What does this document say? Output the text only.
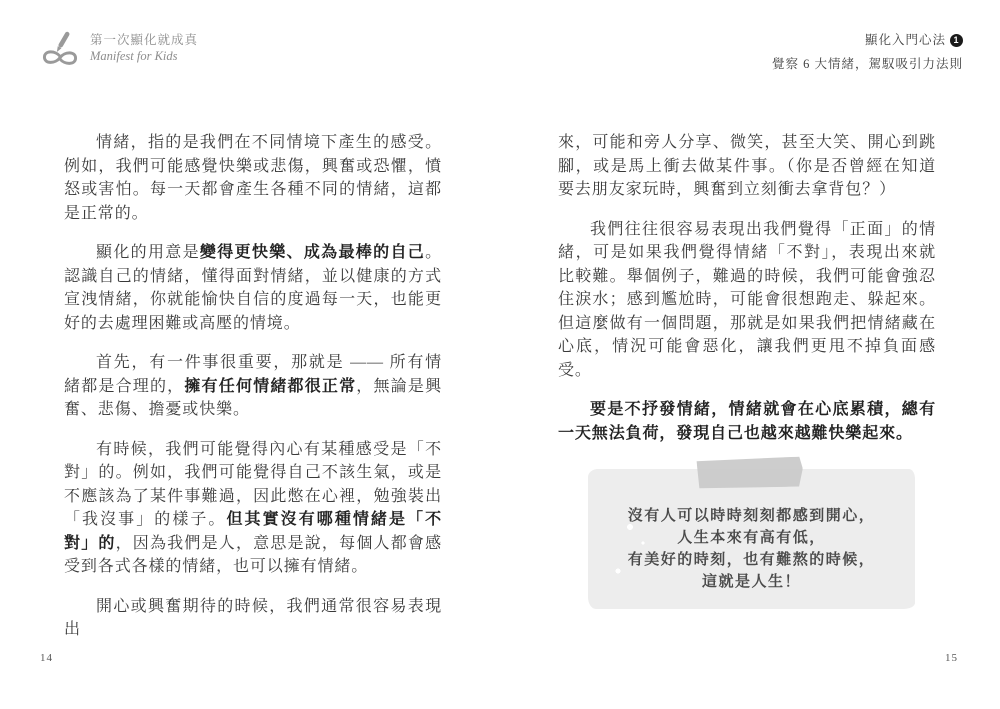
第一次顯化就成真
Manifest for Kids
顯化入門心法 1
覺察 6 大情緒，駕馭吸引力法則

情緒，指的是我們在不同情境下產生的感受。例如，我們可能感覺快樂或悲傷，興奮或恐懼，憤怒或害怕。每一天都會產生各種不同的情緒，這都是正常的。

顯化的用意是變得更快樂、成為最棒的自己。認識自己的情緒，懂得面對情緒，並以健康的方式宣洩情緒，你就能愉快自信的度過每一天，也能更好的去處理困難或高壓的情境。

首先，有一件事很重要，那就是 —— 所有情緒都是合理的，擁有任何情緒都很正常，無論是興奮、悲傷、擔憂或快樂。

有時候，我們可能覺得內心有某種感受是「不對」的。例如，我們可能覺得自己不該生氣，或是不應該為了某件事難過，因此憋在心裡，勉強裝出「我沒事」的樣子。但其實沒有哪種情緒是「不對」的，因為我們是人，意思是說，每個人都會感受到各式各樣的情緒，也可以擁有情緒。

開心或興奮期待的時候，我們通常很容易表現出

來，可能和旁人分享、微笑，甚至大笑、開心到跳腳，或是馬上衝去做某件事。（你是否曾經在知道要去朋友家玩時，興奮到立刻衝去拿背包？）

我們往往很容易表現出我們覺得「正面」的情緒，可是如果我們覺得情緒「不對」，表現出來就比較難。舉個例子，難過的時候，我們可能會強忍住淚水；感到尷尬時，可能會很想跑走、躲起來。但這麼做有一個問題，那就是如果我們把情緒藏在心底，情況可能會惡化，讓我們更甩不掉負面感受。

要是不抒發情緒，情緒就會在心底累積，總有一天無法負荷，發現自己也越來越難快樂起來。

沒有人可以時時刻刻都感到開心，
人生本來有高有低，
有美好的時刻，也有難熬的時候，
這就是人生！
14	15
